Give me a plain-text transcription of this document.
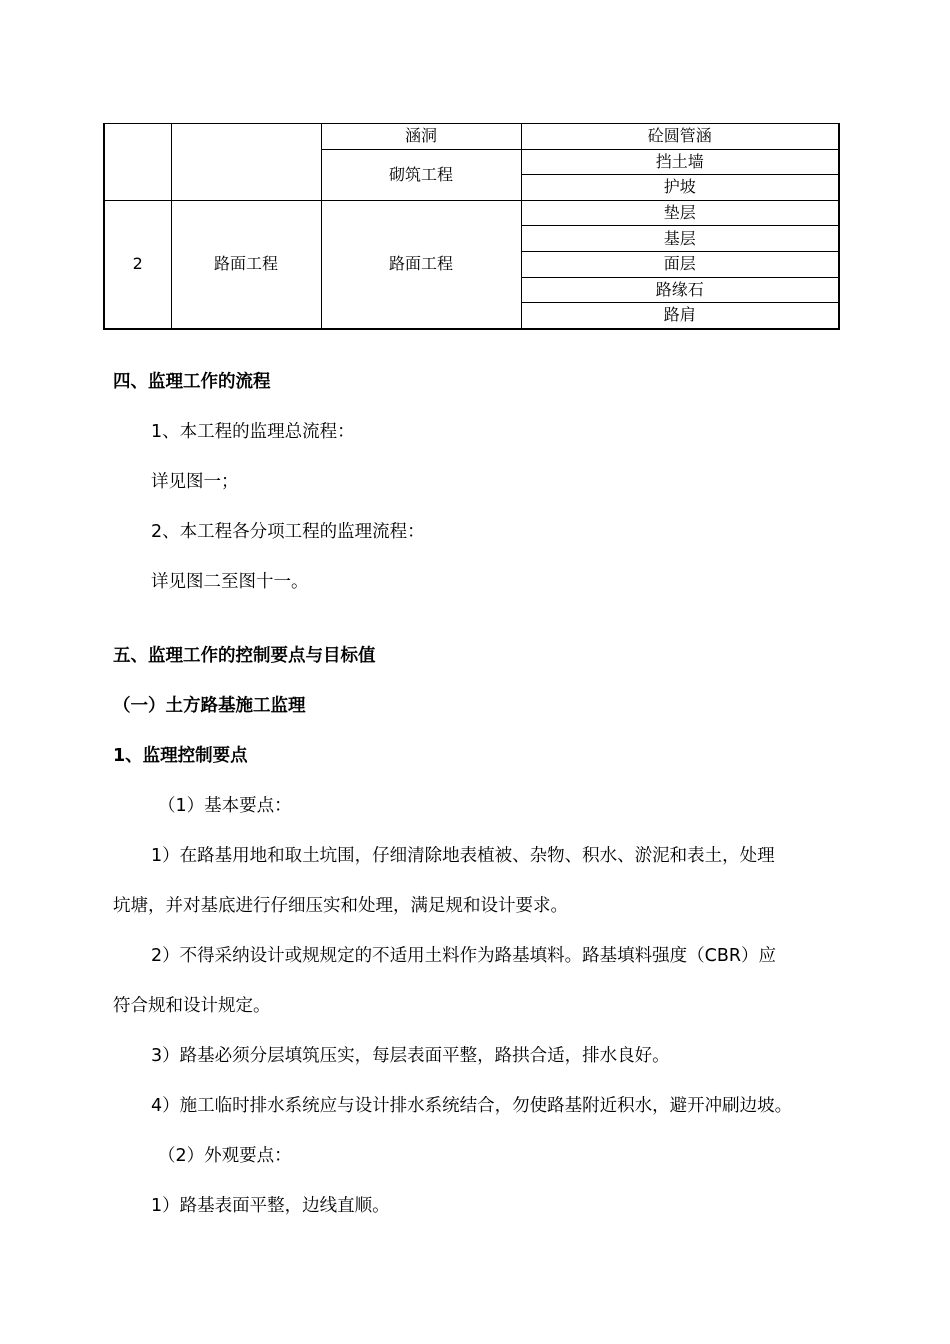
		涵洞	砼圆管涵
		砌筑工程	挡土墙
			护坡
2	路面工程	路面工程	垫层
			基层
			面层
			路缘石
			路肩
四、监理工作的流程
1、本工程的监理总流程：
详见图一；
2、本工程各分项工程的监理流程：
详见图二至图十一。
五、监理工作的控制要点与目标值
（一）土方路基施工监理
1、监理控制要点
（1）基本要点：
1）在路基用地和取土坑围，仔细清除地表植被、杂物、积水、淤泥和表土，处理
坑塘，并对基底进行仔细压实和处理，满足规和设计要求。
2）不得采纳设计或规规定的不适用土料作为路基填料。路基填料强度（CBR）应
符合规和设计规定。
3）路基必须分层填筑压实，每层表面平整，路拱合适，排水良好。
4）施工临时排水系统应与设计排水系统结合，勿使路基附近积水，避开冲刷边坡。
（2）外观要点：
1）路基表面平整，边线直顺。
